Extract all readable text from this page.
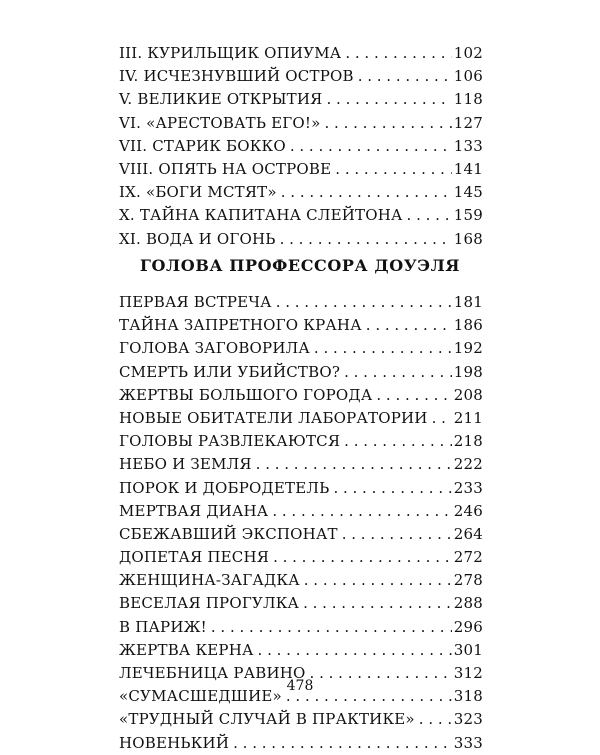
III. КУРИЛЬЩИК ОПИУМА . . .	102
IV. ИСЧЕЗНУВШИЙ ОСТРОВ . . .	106
V. ВЕЛИКИЕ ОТКРЫТИЯ . . .	118
VI. «АРЕСТОВАТЬ ЕГО!» . . .	127
VII. СТАРИК БОККО . . .	133
VIII. ОПЯТЬ НА ОСТРОВЕ . . .	141
IX. «БОГИ МСТЯТ» . . .	145
X. ТАЙНА КАПИТАНА СЛЕЙТОНА . . .	159
XI. ВОДА И ОГОНЬ . . .	168
ГОЛОВА ПРОФЕССОРА ДОУЭЛЯ
ПЕРВАЯ ВСТРЕЧА . . .	181
ТАЙНА ЗАПРЕТНОГО КРАНА . . .	186
ГОЛОВА ЗАГОВОРИЛА . . .	192
СМЕРТЬ ИЛИ УБИЙСТВО? . . .	198
ЖЕРТВЫ БОЛЬШОГО ГОРОДА . . .	208
НОВЫЕ ОБИТАТЕЛИ ЛАБОРАТОРИИ . . . 211
ГОЛОВЫ РАЗВЛЕКАЮТСЯ . . .	218
НЕБО И ЗЕМЛЯ . . .	222
ПОРОК И ДОБРОДЕТЕЛЬ . . .	233
МЕРТВАЯ ДИАНА . . .	246
СБЕЖАВШИЙ ЭКСПОНАТ . . .	264
ДОПЕТАЯ ПЕСНЯ . . .	272
ЖЕНЩИНА-ЗАГАДКА . . .	278
ВЕСЕЛАЯ ПРОГУЛКА . . .	288
В ПАРИЖ! . . .	296
ЖЕРТВА КЕРНА . . .	301
ЛЕЧЕБНИЦА РАВИНО . . .	312
«СУМАСШЕДШИЕ» . . .	318
«ТРУДНЫЙ СЛУЧАЙ В ПРАКТИКЕ» . . .	323
НОВЕНЬКИЙ . . .	333

478
